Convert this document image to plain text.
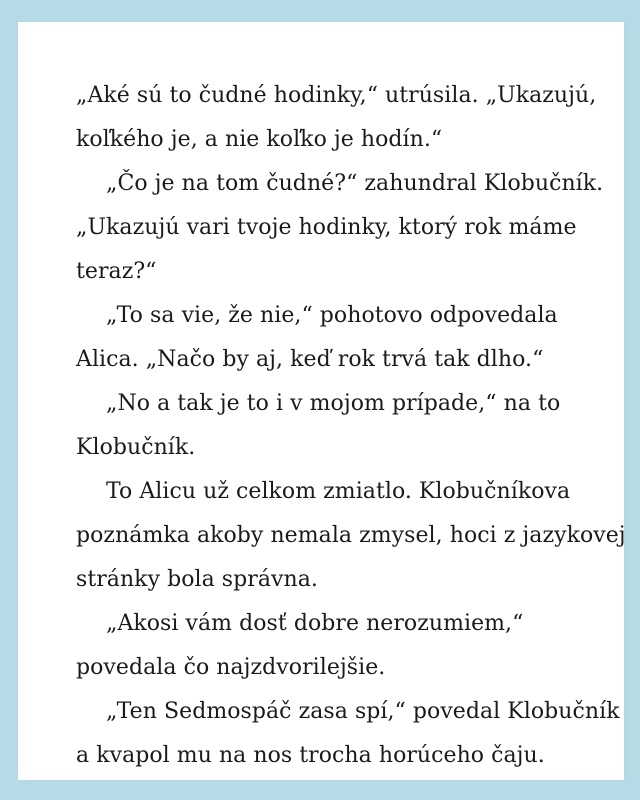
„Aké sú to čudné hodinky,“ utrúsila. „Ukazujú,
koľkého je, a nie koľko je hodín.“
„Čo je na tom čudné?“ zahundral Klobučník.
„Ukazujú vari tvoje hodinky, ktorý rok máme
teraz?“
„To sa vie, že nie,“ pohotovo odpovedala
Alica. „Načo by aj, keď rok trvá tak dlho.“
„No a tak je to i v mojom prípade,“ na to
Klobučník.
To Alicu už celkom zmiatlo. Klobučníkova
poznámka akoby nemala zmysel, hoci z jazykovej
stránky bola správna.
„Akosi vám dosť dobre nerozumiem,“
povedala čo najzdvorilejšie.
„Ten Sedmospáč zasa spí,“ povedal Klobučník
a kvapol mu na nos trocha horúceho čaju.
